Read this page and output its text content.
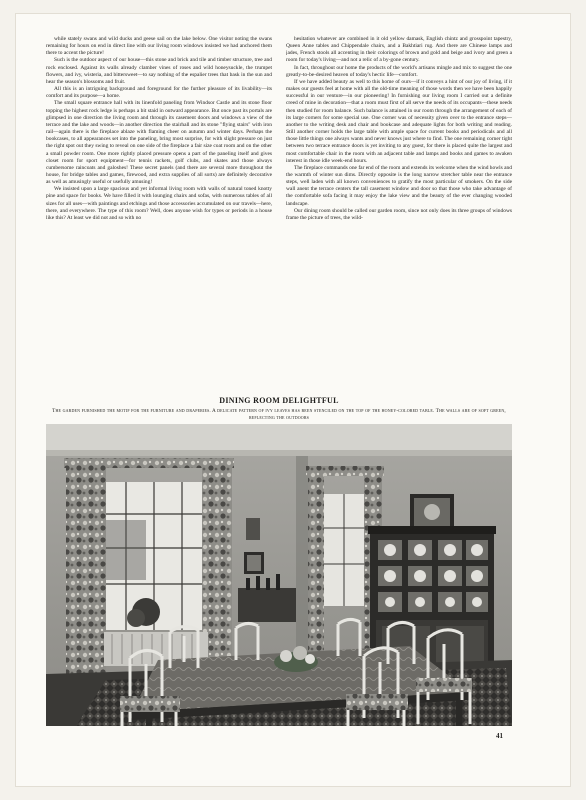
while stately swans and wild ducks and geese sail on the lake below. One visitor noting the swans remaining for hours on end in direct line with our living room windows insisted we had anchored them there to accent the picture!

Such is the outdoor aspect of our house—this stone and brick and tile and timber structure, tree and rock enclosed. Against its walls already clamber vines of roses and wild honeysuckle, the trumpet flowers, and ivy, wisteria, and bittersweet—to say nothing of the espalier trees that bask in the sun and hear the season's blossoms and fruit.

All this is an intriguing background and foreground for the further pleasure of its livability—its comfort and its purpose—a home.

The small square entrance hall with its linenfold paneling from Windsor Castle and its stone floor topping the highest rock ledge is perhaps a bit staid in outward appearance. But once past its portals are glimpsed in one direction the living room and through its casement doors and windows a view of the terrace and the lake and woods—in another direction the stairhall and its stone "flying stairs" with iron rail—again there is the fireplace ablaze with flaming cheer on autumn and winter days. Perhaps the bookcases, to all appearances set into the paneling, bring most surprise, for with slight pressure on just the right spot out they swing to reveal on one side of the fireplace a fair size coat room and on the other a small powder room. One more rightly placed pressure opens a part of the paneling itself and gives closet room for sport equipment—for tennis rackets, golf clubs, and skates and those always cumbersome raincoats and galoshes! These secret panels (and there are several more throughout the house, for bridge tables and games, firewood, and extra supplies of all sorts) are definitely decorative as well as amusingly useful or usefully amusing!

We insisted upon a large spacious and yet informal living room with walls of natural toned knotty pine and space for books. We have filled it with lounging chairs and sofas, with numerous tables of all sizes for all uses—with paintings and etchings and those accessories accumulated on our travels—here, there, and everywhere. The type of this room? Well, does anyone wish for types or periods in a house like this? At least we did not and so with no

hesitation whatever are combined in it old yellow damask, English chintz and grosspoint tapestry, Queen Anne tables and Chippendale chairs, and a Bakhtiari rug. And there are Chinese lamps and jades, French stools all accenting in their colorings of brown and gold and beige and ivory and green a room for today's living—and not a relic of a by-gone century.

In fact, throughout our home the products of the world's artisans mingle and mix to suggest the one greatly-to-be-desired heaven of today's hectic life—comfort.

If we have added beauty as well to this home of ours—if it conveys a hint of our joy of living, if it makes our guests feel at home with all the old-time meaning of those words then we have been happily successful in our venture—in our pioneering! In furnishing our living room I carried out a definite creed of mine in decoration—that a room must first of all serve the needs of its occupants—these needs then studied for room balance. Such balance is attained in our room through the arrangement of each of its large corners for some special use. One corner was of necessity given over to the entrance steps—another to the writing desk and chair and bookcase and adequate lights for both writing and reading. Still another corner holds the large table with ample space for current books and periodicals and all those little things one always wants and never knows just where to find. The one remaining corner tight between two terrace entrance doors is yet inviting to any guest, for there is placed quite the largest and most comfortable chair in the room with an adjacent table and lamps and books and games to awaken interest in those idle week-end hours.

The fireplace commands one far end of the room and extends its welcome when the wind howls and the warmth of winter sun dims. Directly opposite is the long narrow stretcher table near the entrance steps, well laden with all known conveniences to gratify the most particular of smokers. On the side wall anent the terrace centers the tall casement window and door so that those who take advantage of the comfortable sofa facing it may enjoy the lake view and the beauty of the ever changing wooded landscape.

Our dining room should be called our garden room, since not only does its three groups of windows frame the picture of trees, the wild-

DINING ROOM DELIGHTFUL
The garden furnished the motif for the furniture and draperies. A delicate pattern of ivy leaves has been stenciled on the top of the honey-colored table. The walls are of soft green, reflecting the outdoors
41
